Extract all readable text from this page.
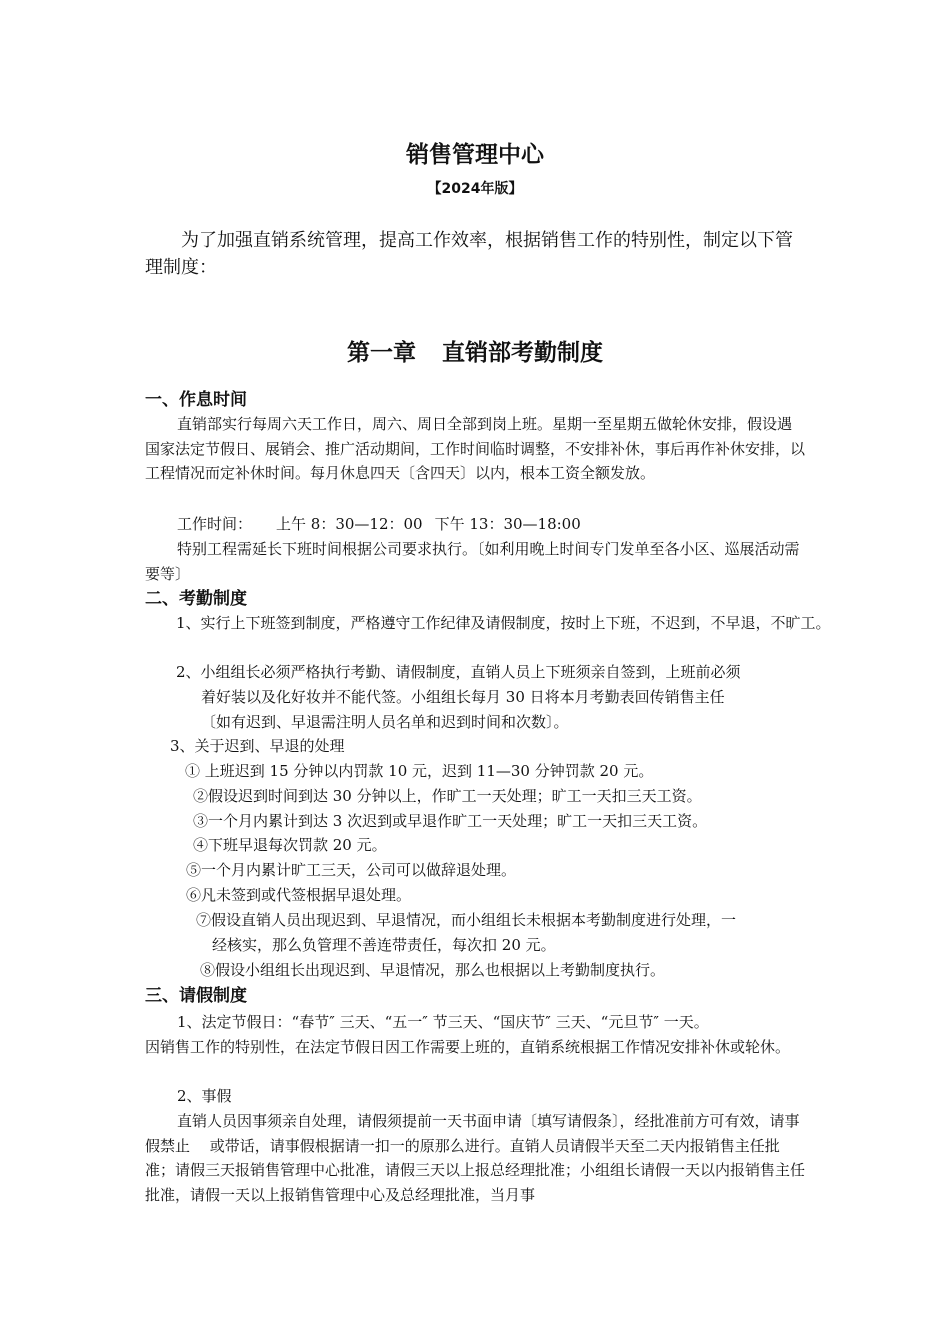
销售管理中心
【2024年版】
为了加强直销系统管理，提高工作效率，根据销售工作的特别性，制定以下管理制度：
第一章 直销部考勤制度
一、作息时间
直销部实行每周六天工作日，周六、周日全部到岗上班。星期一至星期五做轮休安排，假设遇国家法定节假日、展销会、推广活动期间，工作时间临时调整，不安排补休，事后再作补休安排，以工程情况而定补休时间。每月休息四天〔含四天〕以内，根本工资全额发放。
工作时间： 上午 8：30—12：00 下午 13：30—18:00
特别工程需延长下班时间根据公司要求执行。〔如利用晚上时间专门发单至各小区、巡展活动需要等〕
二、考勤制度
1、实行上下班签到制度，严格遵守工作纪律及请假制度，按时上下班，不迟到，不早退，不旷工。
2、小组组长必须严格执行考勤、请假制度，直销人员上下班须亲自签到，上班前必须
着好装以及化好妆并不能代签。小组组长每月 30 日将本月考勤表回传销售主任
〔如有迟到、早退需注明人员名单和迟到时间和次数〕。
3、关于迟到、早退的处理
① 上班迟到 15 分钟以内罚款 10 元，迟到 11—30 分钟罚款 20 元。
②假设迟到时间到达 30 分钟以上，作旷工一天处理；旷工一天扣三天工资。
③一个月内累计到达 3 次迟到或早退作旷工一天处理；旷工一天扣三天工资。
④下班早退每次罚款 20 元。
⑤一个月内累计旷工三天，公司可以做辞退处理。
⑥凡未签到或代签根据早退处理。
⑦假设直销人员出现迟到、早退情况，而小组组长未根据本考勤制度进行处理，一
经核实，那么负管理不善连带责任，每次扣 20 元。
⑧假设小组组长出现迟到、早退情况，那么也根据以上考勤制度执行。
三、请假制度
1、法定节假日：“春节″ 三天、“五一″ 节三天、“国庆节″ 三天、“元旦节″ 一天。
因销售工作的特别性，在法定节假日因工作需要上班的，直销系统根据工作情况安排补休或轮休。
2、事假
直销人员因事须亲自处理，请假须提前一天书面申请〔填写请假条〕，经批准前方可有效，请事假禁止　 或带话，请事假根据请一扣一的原那么进行。直销人员请假半天至二天内报销售主任批准；请假三天报销售管理中心批准，请假三天以上报总经理批准；小组组长请假一天以内报销售主任批准，请假一天以上报销售管理中心及总经理批准，当月事
